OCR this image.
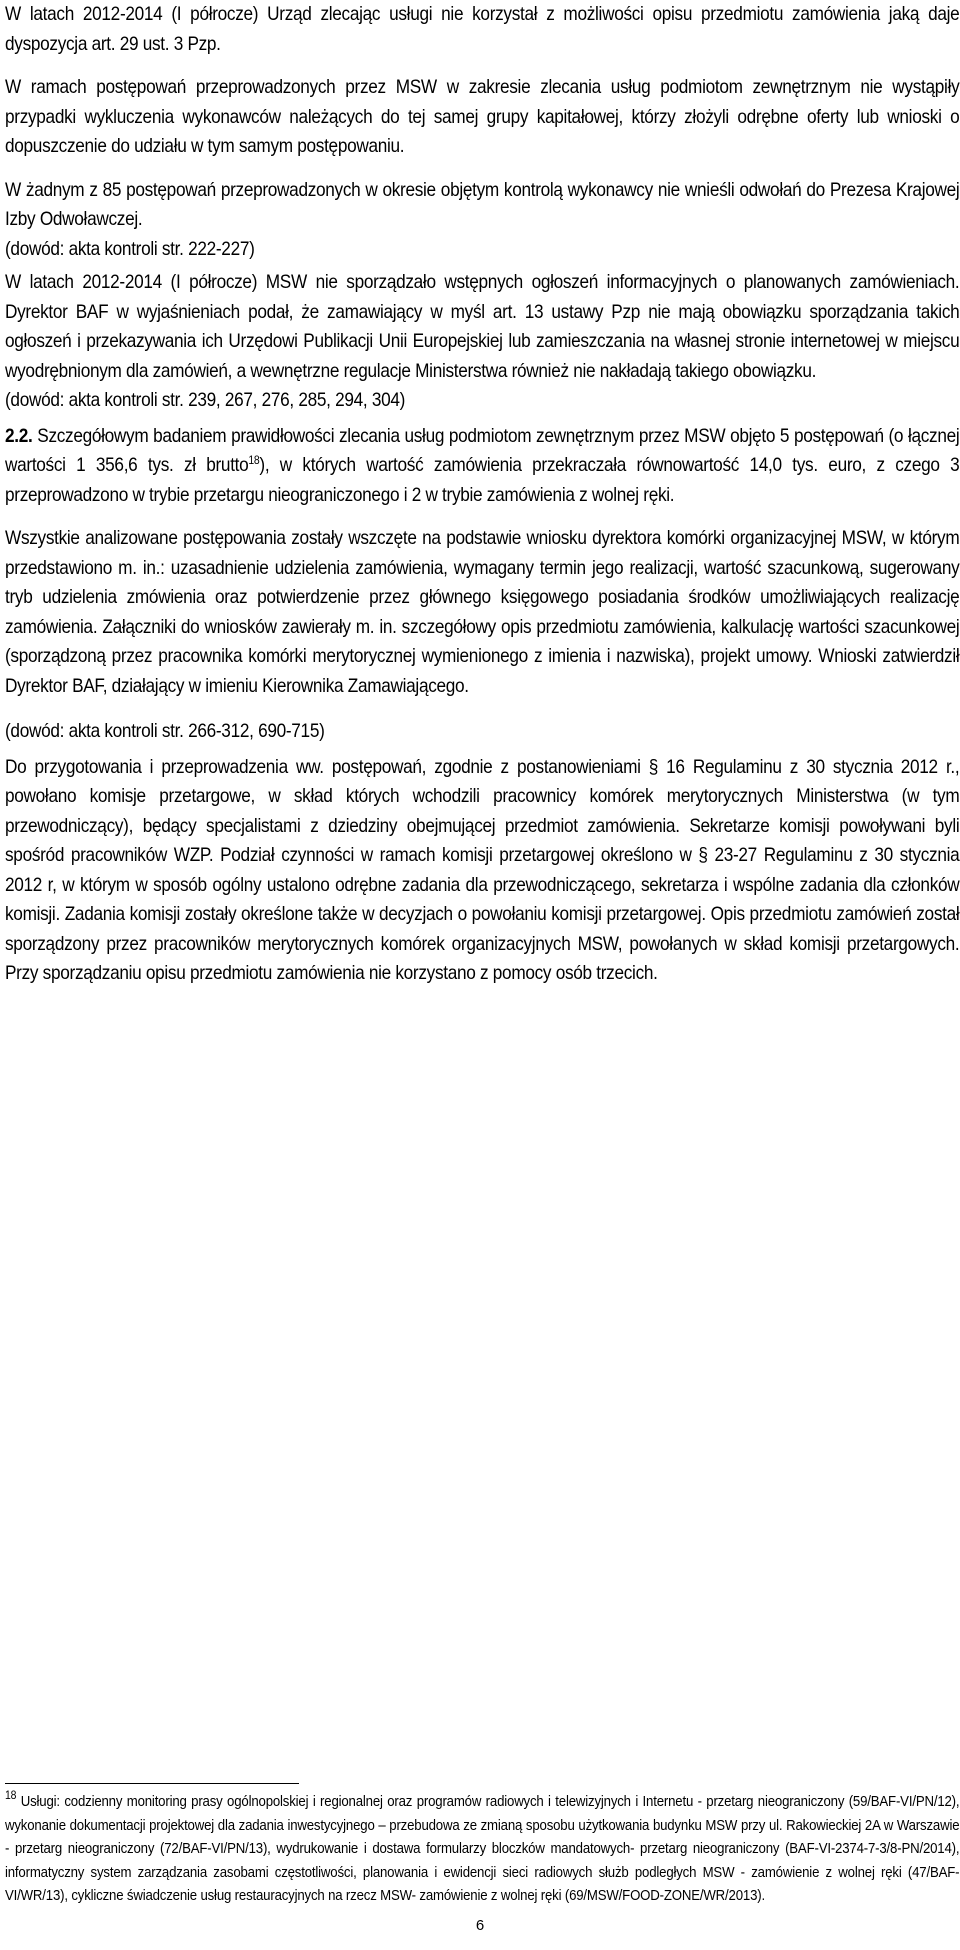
W latach 2012-2014 (I półrocze) Urząd zlecając usługi nie korzystał z możliwości opisu przedmiotu zamówienia jaką daje dyspozycja art. 29 ust. 3 Pzp.

W ramach postępowań przeprowadzonych przez MSW w zakresie zlecania usług podmiotom zewnętrznym nie wystąpiły przypadki wykluczenia wykonawców należących do tej samej grupy kapitałowej, którzy złożyli odrębne oferty lub wnioski o dopuszczenie do udziału w tym samym postępowaniu.

W żadnym z 85 postępowań przeprowadzonych w okresie objętym kontrolą wykonawcy nie wnieśli odwołań do Prezesa Krajowej Izby Odwoławczej.

(dowód: akta kontroli str. 222-227)

W latach 2012-2014 (I półrocze) MSW nie sporządzało wstępnych ogłoszeń informacyjnych o planowanych zamówieniach. Dyrektor BAF w wyjaśnieniach podał, że zamawiający w myśl art. 13 ustawy Pzp nie mają obowiązku sporządzania takich ogłoszeń i przekazywania ich Urzędowi Publikacji Unii Europejskiej lub zamieszczania na własnej stronie internetowej w miejscu wyodrębnionym dla zamówień, a wewnętrzne regulacje Ministerstwa również nie nakładają takiego obowiązku.

(dowód: akta kontroli str. 239, 267, 276, 285, 294, 304)

2.2. Szczegółowym badaniem prawidłowości zlecania usług podmiotom zewnętrznym przez MSW objęto 5 postępowań (o łącznej wartości 1 356,6 tys. zł brutto$^{18}$), w których wartość zamówienia przekraczała równowartość 14,0 tys. euro, z czego 3 przeprowadzono w trybie przetargu nieograniczonego i 2 w trybie zamówienia z wolnej ręki.

Wszystkie analizowane postępowania zostały wszczęte na podstawie wniosku dyrektora komórki organizacyjnej MSW, w którym przedstawiono m. in.: uzasadnienie udzielenia zamówienia, wymagany termin jego realizacji, wartość szacunkową, sugerowany tryb udzielenia zmówienia oraz potwierdzenie przez głównego księgowego posiadania środków umożliwiających realizację zamówienia. Załączniki do wniosków zawierały m. in. szczegółowy opis przedmiotu zamówienia, kalkulację wartości szacunkowej (sporządzoną przez pracownika komórki merytorycznej wymienionego z imienia i nazwiska), projekt umowy. Wnioski zatwierdził Dyrektor BAF, działający w imieniu Kierownika Zamawiającego.

(dowód: akta kontroli str. 266-312, 690-715)

Do przygotowania i przeprowadzenia ww. postępowań, zgodnie z postanowieniami § 16 Regulaminu z 30 stycznia 2012 r., powołano komisje przetargowe, w skład których wchodzili pracownicy komórek merytorycznych Ministerstwa (w tym przewodniczący), będący specjalistami z dziedziny obejmującej przedmiot zamówienia. Sekretarze komisji powoływani byli spośród pracowników WZP. Podział czynności w ramach komisji przetargowej określono w § 23-27 Regulaminu z 30 stycznia 2012 r, w którym w sposób ogólny ustalono odrębne zadania dla przewodniczącego, sekretarza i wspólne zadania dla członków komisji. Zadania komisji zostały określone także w decyzjach o powołaniu komisji przetargowej. Opis przedmiotu zamówień został sporządzony przez pracowników merytorycznych komórek organizacyjnych MSW, powołanych w skład komisji przetargowych. Przy sporządzaniu opisu przedmiotu zamówienia nie korzystano z pomocy osób trzecich.

$^{18}$ Usługi: codzienny monitoring prasy ogólnopolskiej i regionalnej oraz programów radiowych i telewizyjnych i Internetu - przetarg nieograniczony (59/BAF-VI/PN/12), wykonanie dokumentacji projektowej dla zadania inwestycyjnego – przebudowa ze zmianą sposobu użytkowania budynku MSW przy ul. Rakowieckiej 2A w Warszawie - przetarg nieograniczony (72/BAF-VI/PN/13), wydrukowanie i dostawa formularzy bloczków mandatowych- przetarg nieograniczony (BAF-VI-2374-7-3/8-PN/2014), informatyczny system zarządzania zasobami częstotliwości, planowania i ewidencji sieci radiowych służb podległych MSW - zamówienie z wolnej ręki (47/BAF-VI/WR/13), cykliczne świadczenie usług restauracyjnych na rzecz MSW- zamówienie z wolnej ręki (69/MSW/FOOD-ZONE/WR/2013).
6
